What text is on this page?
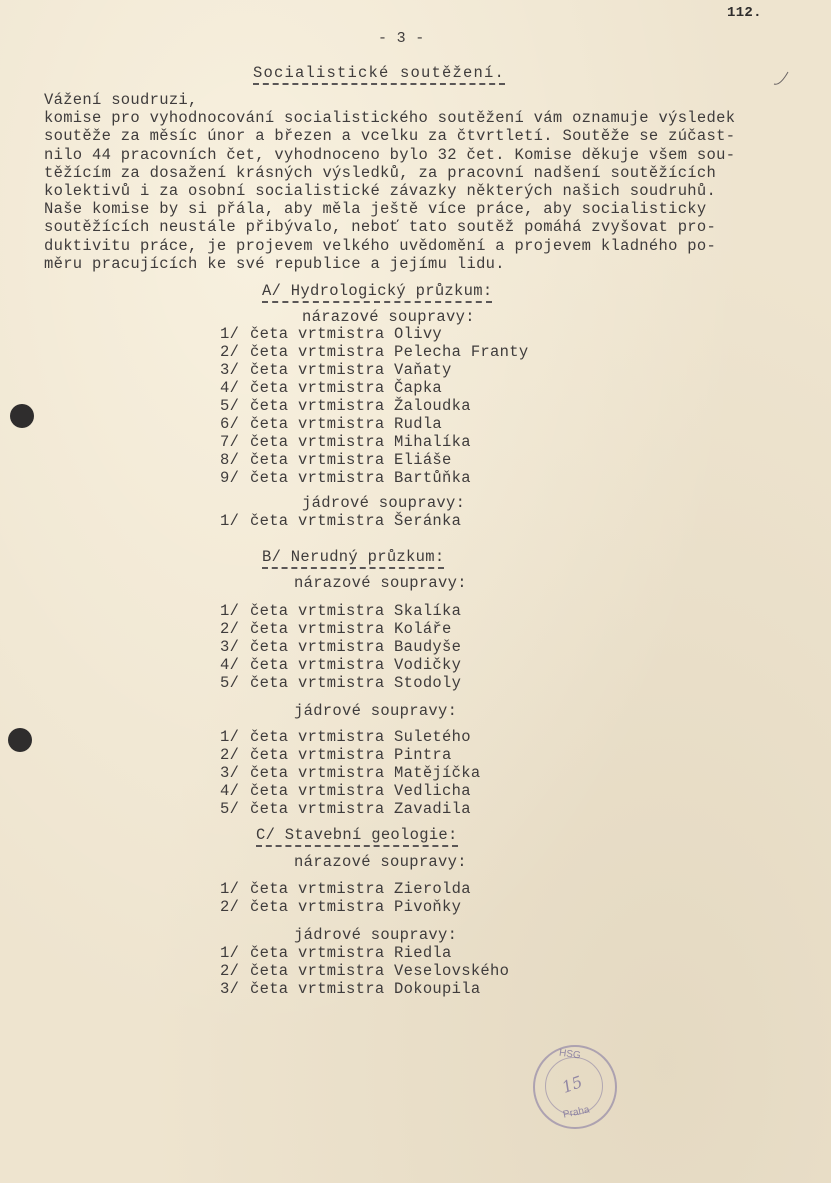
112.
- 3 -
Socialistické soutěžení.
Vážení soudruzi,
komise pro vyhodnocování socialistického soutěžení vám oznamuje výsledek
soutěže za měsíc únor a březen a vcelku za čtvrtletí. Soutěže se zúčast-
nilo 44 pracovních čet, vyhodnoceno bylo 32 čet. Komise děkuje všem sou-
těžícím za dosažení krásných výsledků, za pracovní nadšení soutěžících
kolektivů i za osobní socialistické závazky některých našich soudruhů.
Naše komise by si přála, aby měla ještě více práce, aby socialisticky
soutěžících neustále přibývalo, neboť tato soutěž pomáhá zvyšovat pro-
duktivitu práce, je projevem velkého uvědomění a projevem kladného po-
měru pracujících ke své republice a jejímu lidu.
A/ Hydrologický průzkum:
nárazové soupravy:
1/ četa vrtmistra Olivy
2/ četa vrtmistra Pelecha Franty
3/ četa vrtmistra Vaňaty
4/ četa vrtmistra Čapka
5/ četa vrtmistra Žaloudka
6/ četa vrtmistra Rudla
7/ četa vrtmistra Mihalíka
8/ četa vrtmistra Eliáše
9/ četa vrtmistra Bartůňka
jádrové soupravy:
1/ četa vrtmistra Šeránka
B/ Nerudný průzkum:
nárazové soupravy:
1/ četa vrtmistra Skalíka
2/ četa vrtmistra Koláře
3/ četa vrtmistra Baudyše
4/ četa vrtmistra Vodičky
5/ četa vrtmistra Stodoly
jádrové soupravy:
1/ četa vrtmistra Suletého
2/ četa vrtmistra Pintra
3/ četa vrtmistra Matějíčka
4/ četa vrtmistra Vedlicha
5/ četa vrtmistra Zavadila
C/ Stavební geologie:
nárazové soupravy:
1/ četa vrtmistra Zierolda
2/ četa vrtmistra Pivoňky
jádrové soupravy:
1/ četa vrtmistra Riedla
2/ četa vrtmistra Veselovského
3/ četa vrtmistra Dokoupila
HSG
15
Praha
